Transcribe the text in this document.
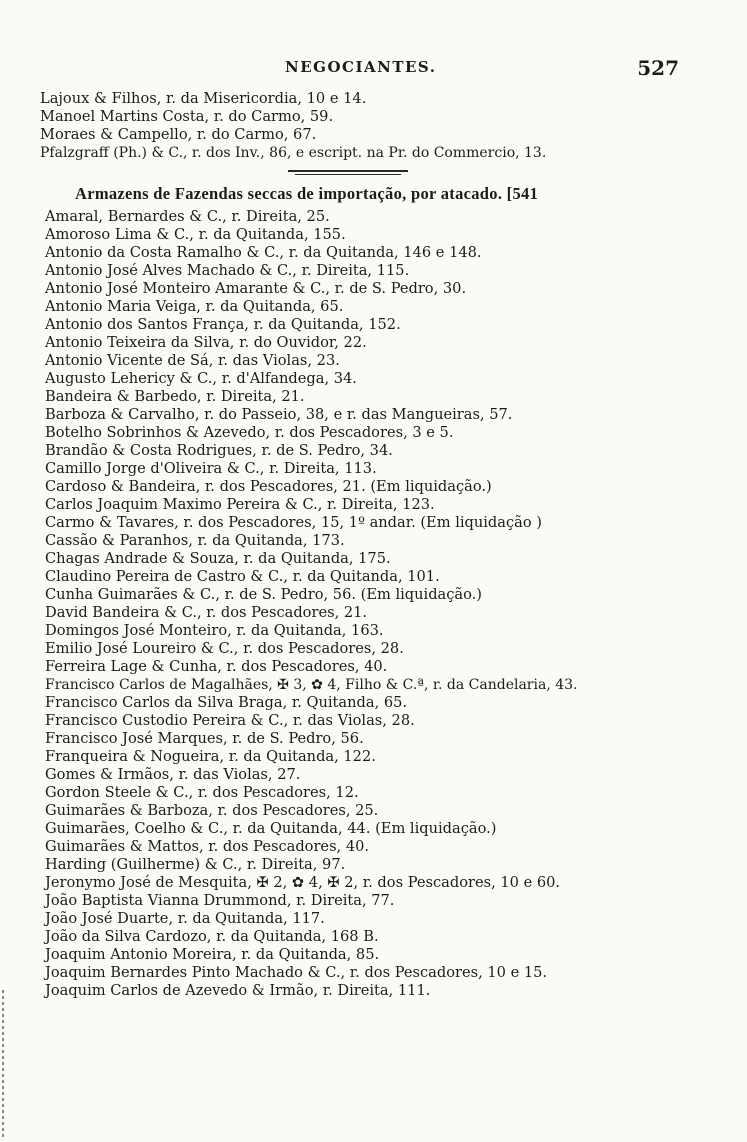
NEGOCIANTES.	527
Lajoux & Filhos, r. da Misericordia, 10 e 14.
Manoel Martins Costa, r. do Carmo, 59.
Moraes & Campello, r. do Carmo, 67.
Pfalzgraff (Ph.) & C., r. dos Inv., 86, e escript. na Pr. do Commercio, 13.
Armazens de Fazendas seccas de importação, por atacado. [541
Amaral, Bernardes & C., r. Direita, 25.
Amoroso Lima & C., r. da Quitanda, 155.
Antonio da Costa Ramalho & C., r. da Quitanda, 146 e 148.
Antonio José Alves Machado & C., r. Direita, 115.
Antonio José Monteiro Amarante & C., r. de S. Pedro, 30.
Antonio Maria Veiga, r. da Quitanda, 65.
Antonio dos Santos França, r. da Quitanda, 152.
Antonio Teixeira da Silva, r. do Ouvidor, 22.
Antonio Vicente de Sá, r. das Violas, 23.
Augusto Lehericy & C., r. d'Alfandega, 34.
Bandeira & Barbedo, r. Direita, 21.
Barboza & Carvalho, r. do Passeio, 38, e r. das Mangueiras, 57.
Botelho Sobrinhos & Azevedo, r. dos Pescadores, 3 e 5.
Brandão & Costa Rodrigues, r. de S. Pedro, 34.
Camillo Jorge d'Oliveira & C., r. Direita, 113.
Cardoso & Bandeira, r. dos Pescadores, 21. (Em liquidação.)
Carlos Joaquim Maximo Pereira & C., r. Direita, 123.
Carmo & Tavares, r. dos Pescadores, 15, 1º andar. (Em liquidação )
Cassão & Paranhos, r. da Quitanda, 173.
Chagas Andrade & Souza, r. da Quitanda, 175.
Claudino Pereira de Castro & C., r. da Quitanda, 101.
Cunha Guimarães & C., r. de S. Pedro, 56. (Em liquidação.)
David Bandeira & C., r. dos Pescadores, 21.
Domingos José Monteiro, r. da Quitanda, 163.
Emilio José Loureiro & C., r. dos Pescadores, 28.
Ferreira Lage & Cunha, r. dos Pescadores, 40.
Francisco Carlos de Magalhães, ✠ 3, ✿ 4, Filho & C.ª, r. da Candelaria, 43.
Francisco Carlos da Silva Braga, r. Quitanda, 65.
Francisco Custodio Pereira & C., r. das Violas, 28.
Francisco José Marques, r. de S. Pedro, 56.
Franqueira & Nogueira, r. da Quitanda, 122.
Gomes & Irmãos, r. das Violas, 27.
Gordon Steele & C., r. dos Pescadores, 12.
Guimarães & Barboza, r. dos Pescadores, 25.
Guimarães, Coelho & C., r. da Quitanda, 44. (Em liquidação.)
Guimarães & Mattos, r. dos Pescadores, 40.
Harding (Guilherme) & C., r. Direita, 97.
Jeronymo José de Mesquita, ✠ 2, ✿ 4, ✠ 2, r. dos Pescadores, 10 e 60.
João Baptista Vianna Drummond, r. Direita, 77.
João José Duarte, r. da Quitanda, 117.
João da Silva Cardozo, r. da Quitanda, 168 B.
Joaquim Antonio Moreira, r. da Quitanda, 85.
Joaquim Bernardes Pinto Machado & C., r. dos Pescadores, 10 e 15.
Joaquim Carlos de Azevedo & Irmão, r. Direita, 111.
